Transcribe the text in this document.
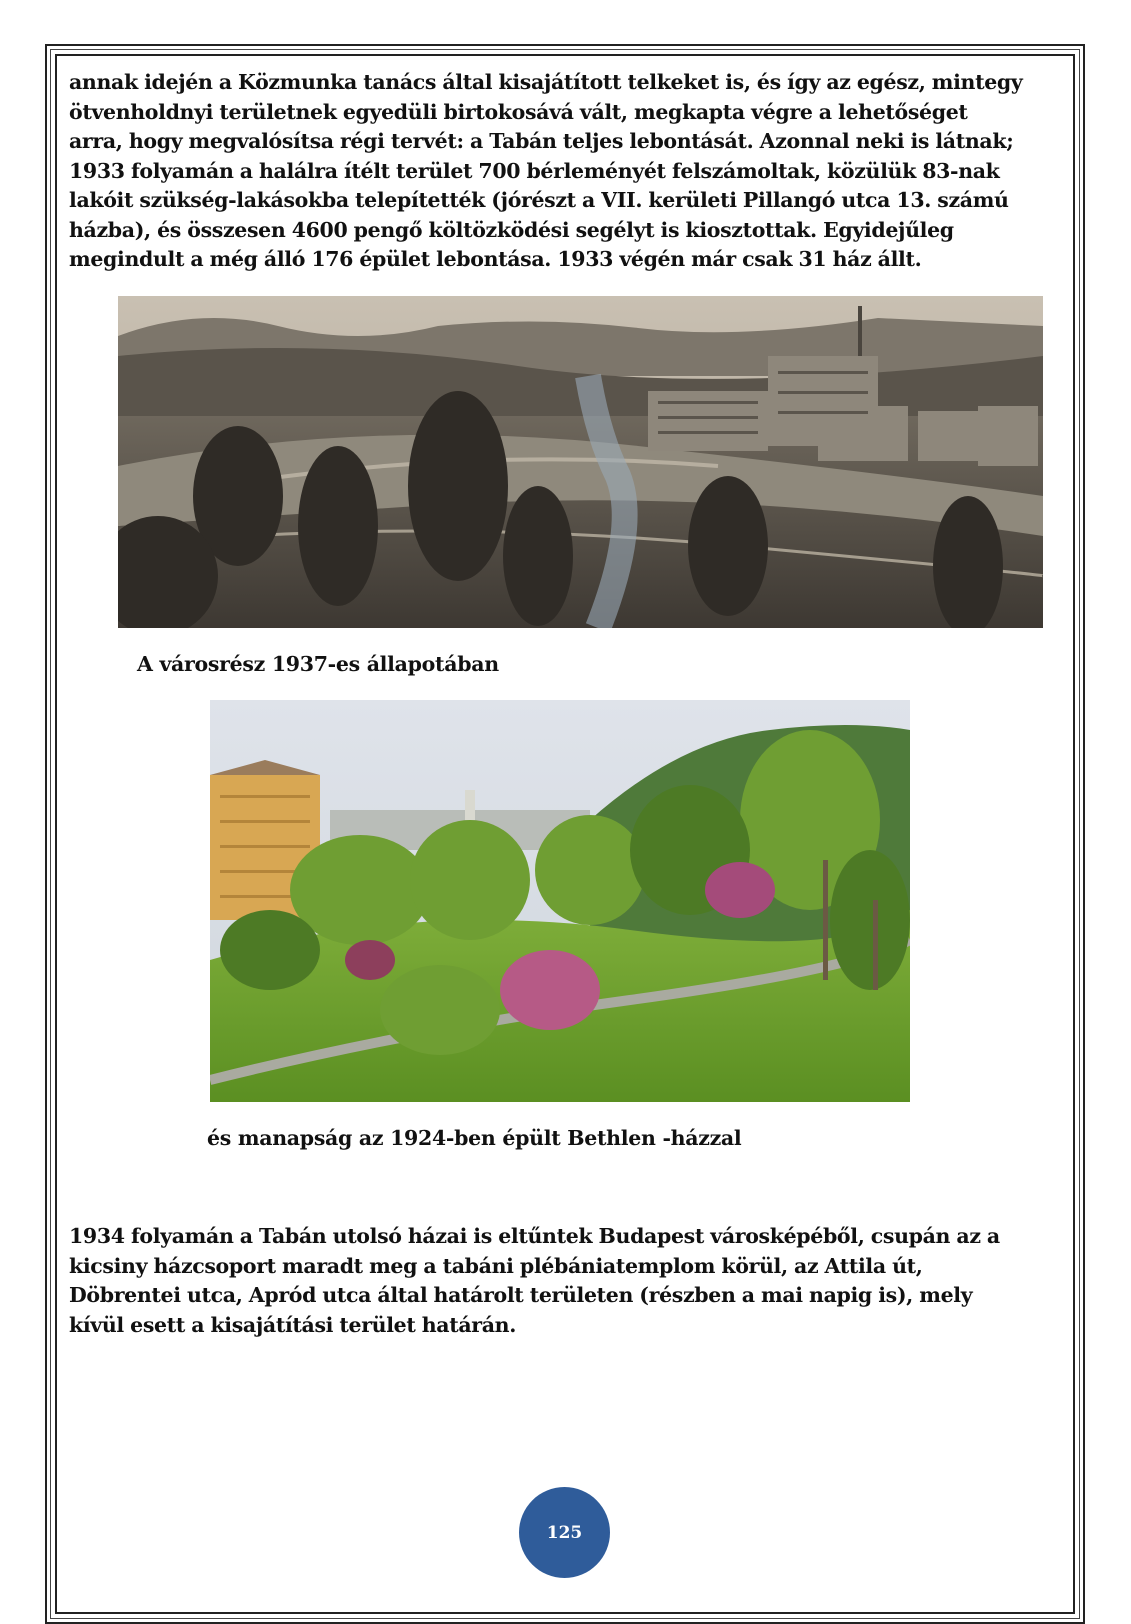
annak idején a Közmunka tanács által kisajátított telkeket is, és így az egész, mintegy
ötvenholdnyi területnek egyedüli birtokosává vált, megkapta végre a lehetőséget
arra, hogy megvalósítsa régi tervét: a Tabán teljes lebontását. Azonnal neki is látnak;
1933 folyamán a halálra ítélt terület 700 bérleményét felszámoltak, közülük 83-nak
lakóit szükség-lakásokba telepítették (jórészt a VII. kerületi Pillangó utca 13. számú
házba), és összesen 4600 pengő költözködési segélyt is kiosztottak. Egyidejűleg
megindult a még álló 176 épület lebontása. 1933 végén már csak 31 ház állt.

A városrész 1937-es állapotában
és manapság az 1924-ben épült Bethlen -házzal

1934 folyamán a Tabán utolsó házai is eltűntek Budapest városképéből, csupán az a
kicsiny házcsoport maradt meg a tabáni plébániatemplom körül, az Attila út,
Döbrentei utca, Apród utca által határolt területen (részben a mai napig is), mely
kívül esett a kisajátítási terület határán.

125
